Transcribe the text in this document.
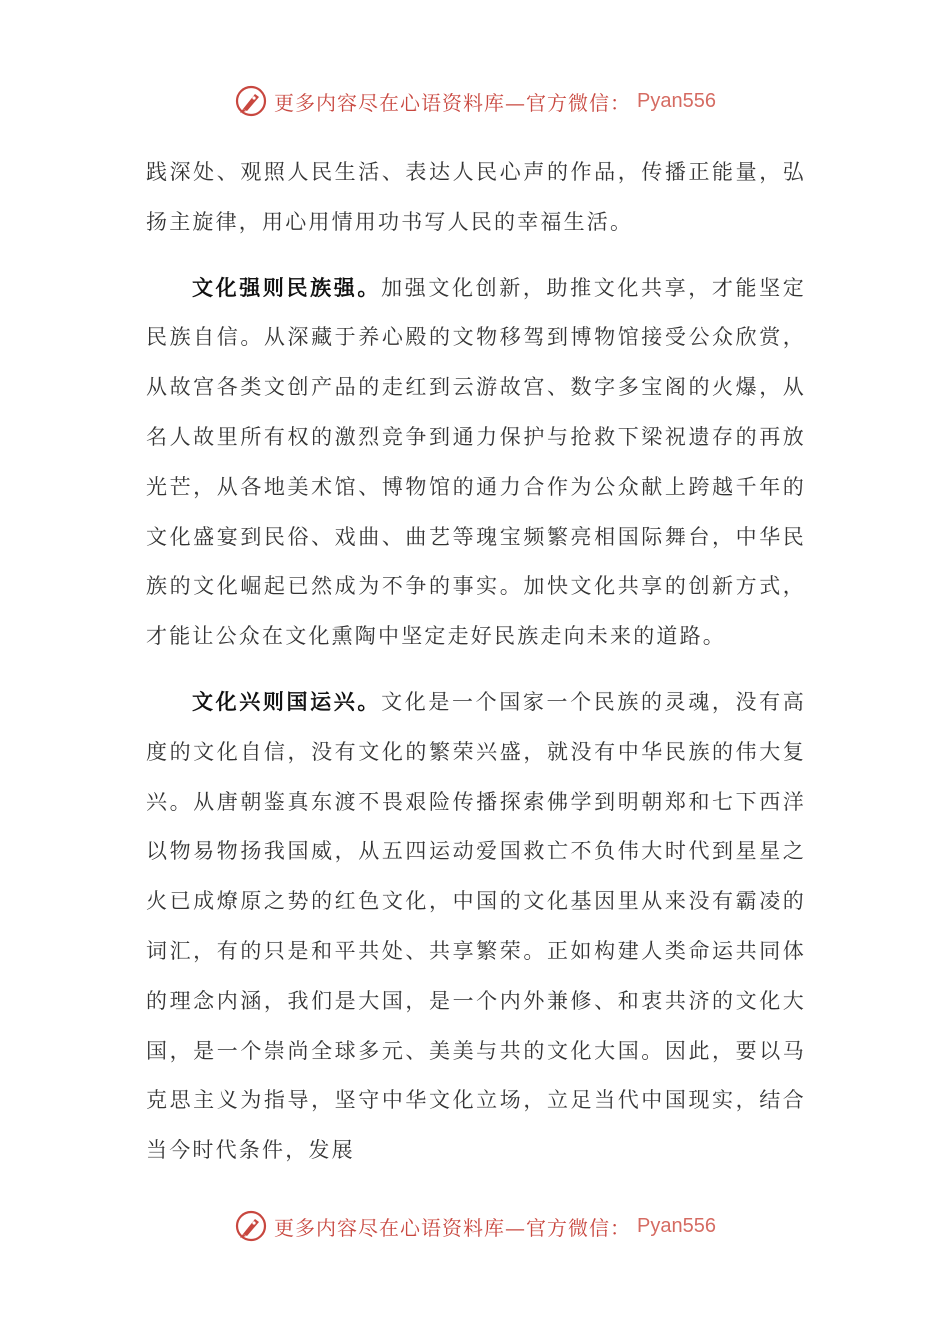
更多内容尽在心语资料库—官方微信： Pyan556

践深处、观照人民生活、表达人民心声的作品，传播正能量，弘扬主旋律，用心用情用功书写人民的幸福生活。

文化强则民族强。加强文化创新，助推文化共享，才能坚定民族自信。从深藏于养心殿的文物移驾到博物馆接受公众欣赏，从故宫各类文创产品的走红到云游故宫、数字多宝阁的火爆，从名人故里所有权的激烈竞争到通力保护与抢救下梁祝遗存的再放光芒，从各地美术馆、博物馆的通力合作为公众献上跨越千年的文化盛宴到民俗、戏曲、曲艺等瑰宝频繁亮相国际舞台，中华民族的文化崛起已然成为不争的事实。加快文化共享的创新方式，才能让公众在文化熏陶中坚定走好民族走向未来的道路。

文化兴则国运兴。文化是一个国家一个民族的灵魂，没有高度的文化自信，没有文化的繁荣兴盛，就没有中华民族的伟大复兴。从唐朝鉴真东渡不畏艰险传播探索佛学到明朝郑和七下西洋以物易物扬我国威，从五四运动爱国救亡不负伟大时代到星星之火已成燎原之势的红色文化，中国的文化基因里从来没有霸凌的词汇，有的只是和平共处、共享繁荣。正如构建人类命运共同体的理念内涵，我们是大国，是一个内外兼修、和衷共济的文化大国，是一个崇尚全球多元、美美与共的文化大国。因此，要以马克思主义为指导，坚守中华文化立场，立足当代中国现实，结合当今时代条件，发展

更多内容尽在心语资料库—官方微信： Pyan556
